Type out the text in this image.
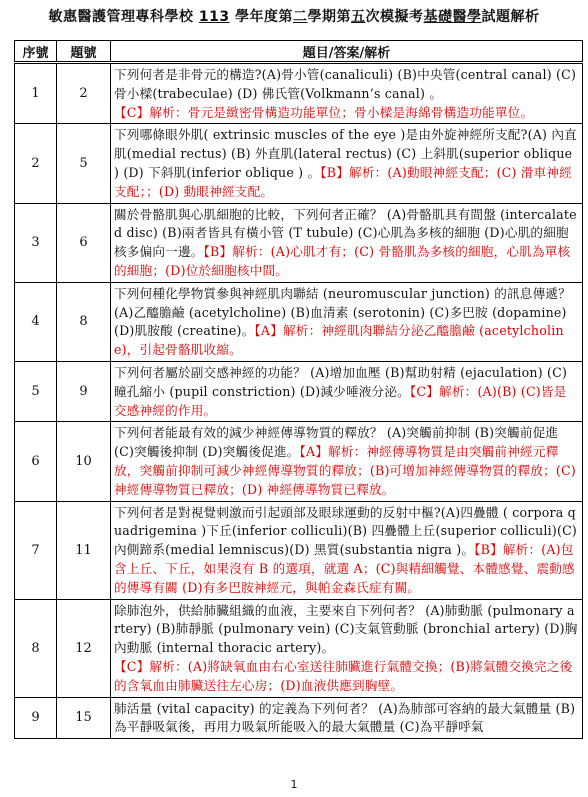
敏惠醫護管理專科學校 113 學年度第二學期第五次模擬考基礎醫學試題解析
序號	題號	題目/答案/解析
1	2	下列何者是非骨元的構造?(A)骨小管(canaliculi) (B)中央管(central canal) (C)骨小樑(trabeculae) (D) 佛氏管(Volkmann’s canal) 。
【C】解析：骨元是緻密骨構造功能單位；骨小樑是海綿骨構造功能單位。
2	5	下列哪條眼外肌( extrinsic muscles of the eye )是由外旋神經所支配?(A) 內直肌(medial rectus) (B) 外直肌(lateral rectus) (C) 上斜肌(superior oblique ) (D) 下斜肌(inferior oblique ) 。【B】解析：(A)動眼神經支配；(C) 滑車神經支配；；(D) 動眼神經支配。
3	6	關於骨骼肌與心肌細胞的比較，下列何者正確？ (A)骨骼肌具有間盤 (intercalated disc) (B)兩者皆具有橫小管 (T tubule) (C)心肌為多核的細胞 (D)心肌的細胞核多偏向一邊。【B】解析：(A)心肌才有；(C) 骨骼肌為多核的細胞，心肌為單核的細胞；(D)位於細胞核中間。
4	8	下列何種化學物質參與神經肌肉聯結 (neuromuscular junction) 的訊息傳遞？ (A)乙醯膽鹼 (acetylcholine) (B)血清素 (serotonin) (C)多巴胺 (dopamine) (D)肌胺酸 (creatine)。【A】解析：神經肌肉聯結分泌乙醯膽鹼 (acetylcholine)，引起骨骼肌收縮。
5	9	下列何者屬於副交感神經的功能？ (A)增加血壓 (B)幫助射精 (ejaculation) (C)瞳孔縮小 (pupil constriction) (D)減少唾液分泌。【C】解析：(A)(B) (C)皆是交感神經的作用。
6	10	下列何者能最有效的減少神經傳導物質的釋放？ (A)突觸前抑制 (B)突觸前促進 (C)突觸後抑制 (D)突觸後促進。【A】解析：神經傳導物質是由突觸前神經元釋放，突觸前抑制可減少神經傳導物質的釋放；(B)可增加神經傳導物質的釋放；(C) 神經傳導物質已釋放；(D) 神經傳導物質已釋放。
7	11	下列何者是對視覺刺激而引起頭部及眼球運動的反射中樞?(A)四疊體 ( corpora quadrigemina )下丘(inferior colliculi)(B) 四疊體上丘(superior colliculi)(C) 內側蹄系(medial lemniscus)(D) 黑質(substantia nigra )。【B】解析：(A)包含上丘、下丘，如果沒有 B 的選項，就選 A；(C)與精細觸覺、本體感覺、震動感的傳導有關 (D)有多巴胺神經元，與帕金森氏症有關。
8	12	除肺泡外，供給肺臟組織的血液，主要來自下列何者？ (A)肺動脈 (pulmonary artery) (B)肺靜脈 (pulmonary vein) (C)支氣管動脈 (bronchial artery) (D)胸內動脈 (internal thoracic artery)。
【C】解析：(A)將缺氧血由右心室送往肺臟進行氣體交換；(B)將氣體交換完之後的含氧血由肺臟送往左心房；(D)血液供應到胸壁。
9	15	肺活量 (vital capacity) 的定義為下列何者？ (A)為肺部可容納的最大氣體量 (B)為平靜吸氣後，再用力吸氣所能吸入的最大氣體量 (C)為平靜呼氣
1
